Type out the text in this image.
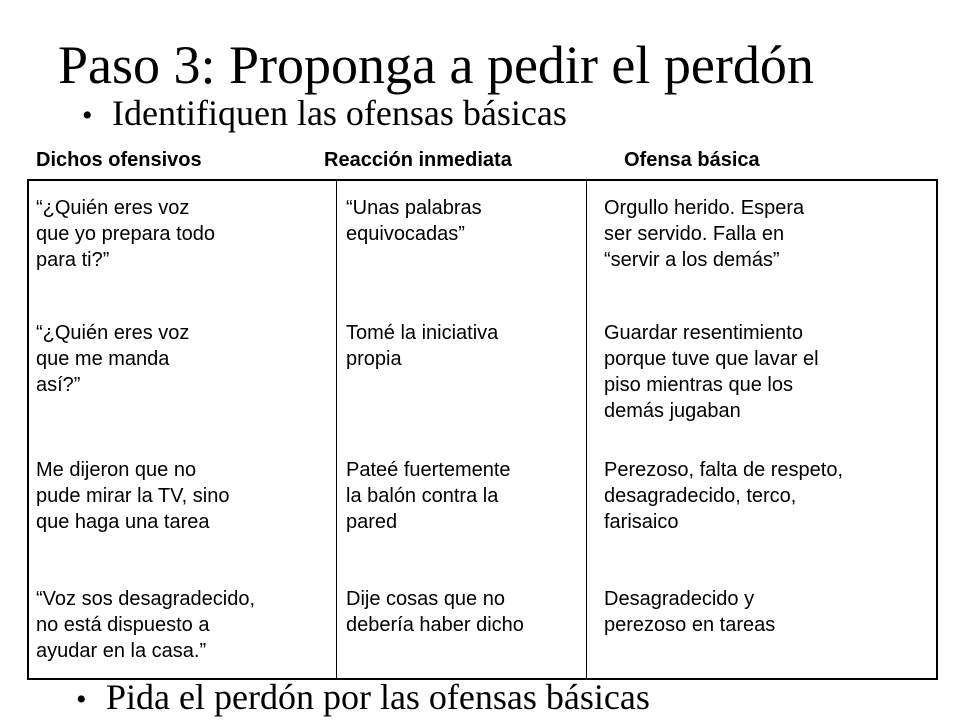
Paso 3: Proponga a pedir el perdón
• Identifiquen las ofensas básicas
Dichos ofensivos	Reacción inmediata	Ofensa básica
“¿Quién eres voz
que yo prepara todo
para ti?”
“Unas palabras
equivocadas”
Orgullo herido. Espera
ser servido. Falla en
“servir a los demás”
“¿Quién eres voz
que me manda
así?”
Tomé la iniciativa
propia
Guardar resentimiento
porque tuve que lavar el
piso mientras que los
demás jugaban
Me dijeron que no
pude mirar la TV, sino
que haga una tarea
Pateé fuertemente
la balón contra la
pared
Perezoso, falta de respeto,
desagradecido, terco,
farisaico
“Voz sos desagradecido,
no está dispuesto a
ayudar en la casa.”
Dije cosas que no
debería haber dicho
Desagradecido y
perezoso en tareas
• Pida el perdón por las ofensas básicas
